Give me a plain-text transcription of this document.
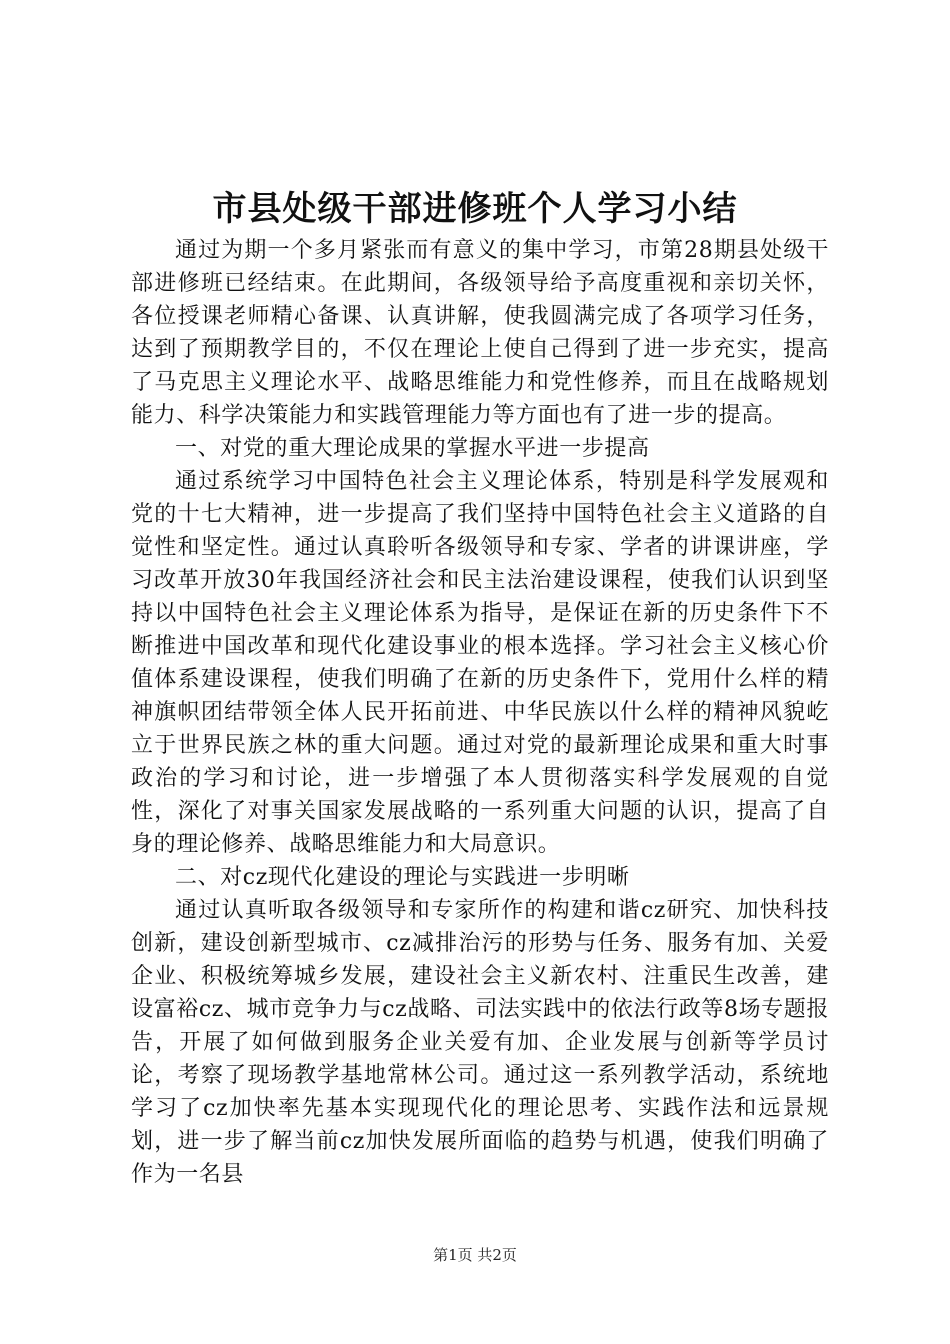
市县处级干部进修班个人学习小结

通过为期一个多月紧张而有意义的集中学习，市第28期县处级干部进修班已经结束。在此期间，各级领导给予高度重视和亲切关怀，各位授课老师精心备课、认真讲解，使我圆满完成了各项学习任务，达到了预期教学目的，不仅在理论上使自己得到了进一步充实，提高了马克思主义理论水平、战略思维能力和党性修养，而且在战略规划能力、科学决策能力和实践管理能力等方面也有了进一步的提高。

一、对党的重大理论成果的掌握水平进一步提高

通过系统学习中国特色社会主义理论体系，特别是科学发展观和党的十七大精神，进一步提高了我们坚持中国特色社会主义道路的自觉性和坚定性。通过认真聆听各级领导和专家、学者的讲课讲座，学习改革开放30年我国经济社会和民主法治建设课程，使我们认识到坚持以中国特色社会主义理论体系为指导，是保证在新的历史条件下不断推进中国改革和现代化建设事业的根本选择。学习社会主义核心价值体系建设课程，使我们明确了在新的历史条件下，党用什么样的精神旗帜团结带领全体人民开拓前进、中华民族以什么样的精神风貌屹立于世界民族之林的重大问题。通过对党的最新理论成果和重大时事政治的学习和讨论，进一步增强了本人贯彻落实科学发展观的自觉性，深化了对事关国家发展战略的一系列重大问题的认识，提高了自身的理论修养、战略思维能力和大局意识。

二、对cz现代化建设的理论与实践进一步明晰

通过认真听取各级领导和专家所作的构建和谐cz研究、加快科技创新，建设创新型城市、cz减排治污的形势与任务、服务有加、关爱企业、积极统筹城乡发展，建设社会主义新农村、注重民生改善，建设富裕cz、城市竞争力与cz战略、司法实践中的依法行政等8场专题报告，开展了如何做到服务企业关爱有加、企业发展与创新等学员讨论，考察了现场教学基地常林公司。通过这一系列教学活动，系统地学习了cz加快率先基本实现现代化的理论思考、实践作法和远景规划，进一步了解当前cz加快发展所面临的趋势与机遇，使我们明确了作为一名县

第1页 共2页
